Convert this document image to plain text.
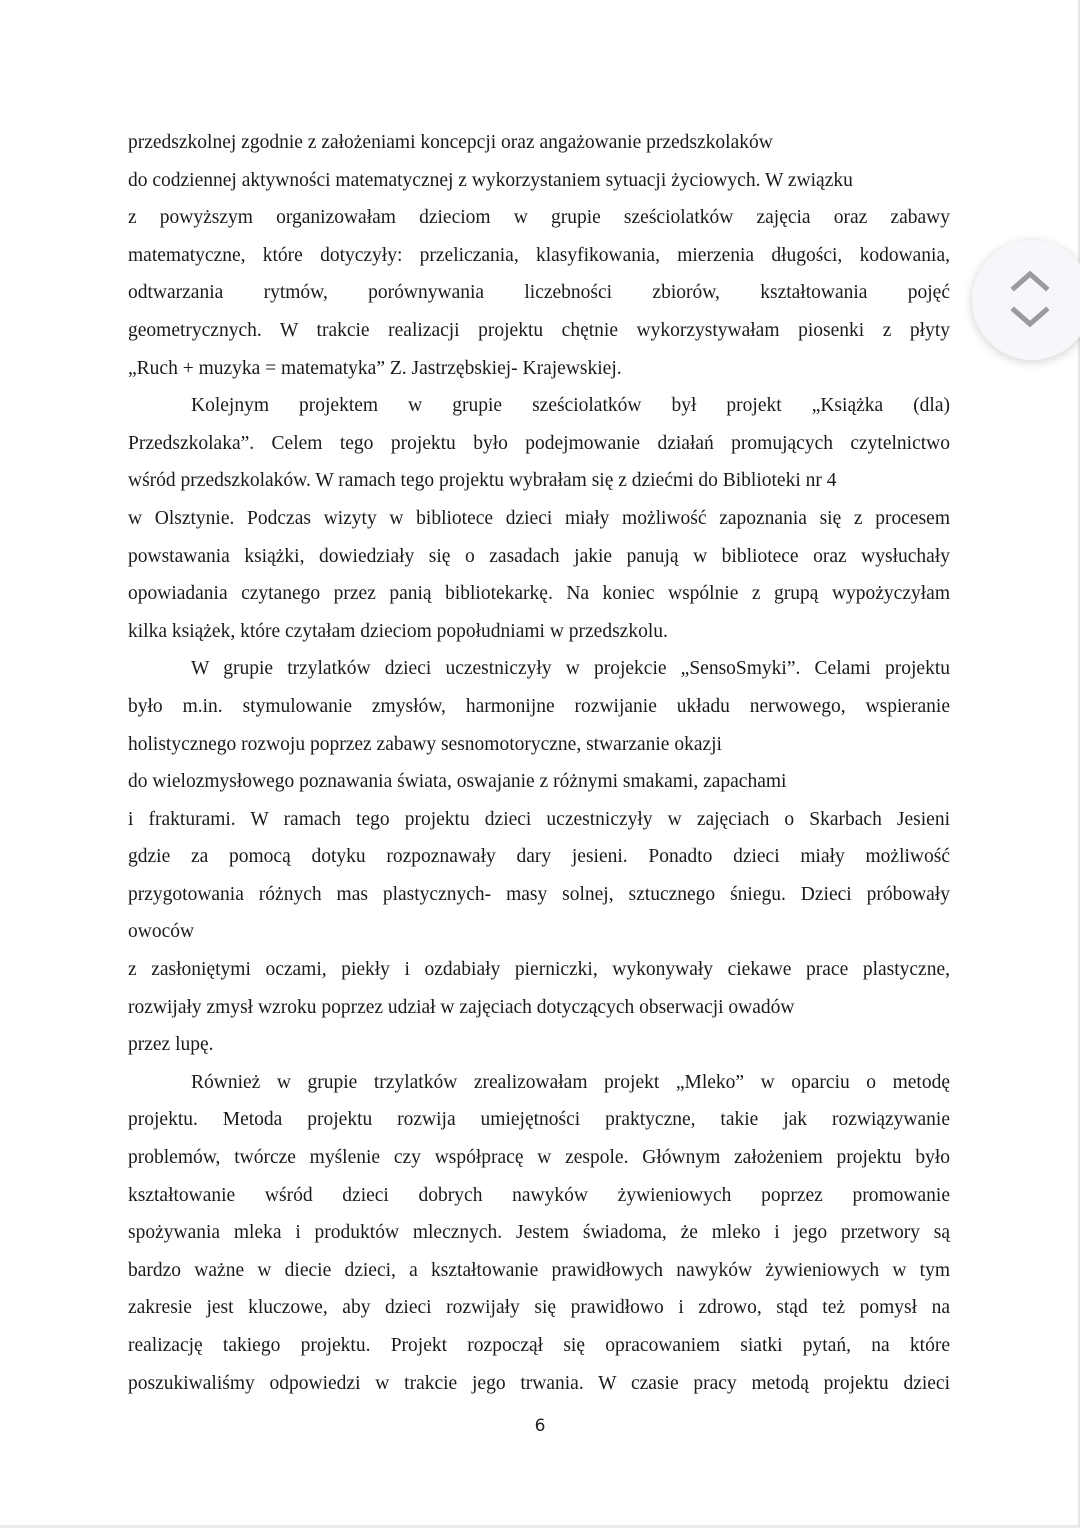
przedszkolnej zgodnie z założeniami koncepcji oraz angażowanie przedszkolaków
do codziennej aktywności matematycznej z wykorzystaniem sytuacji życiowych. W związku
z powyższym organizowałam dzieciom w grupie sześciolatków zajęcia oraz zabawy
matematyczne, które dotyczyły: przeliczania, klasyfikowania, mierzenia długości, kodowania,
odtwarzania rytmów, porównywania liczebności zbiorów, kształtowania pojęć
geometrycznych. W trakcie realizacji projektu chętnie wykorzystywałam piosenki z płyty
„Ruch + muzyka = matematyka” Z. Jastrzębskiej- Krajewskiej.
Kolejnym projektem w grupie sześciolatków był projekt „Książka (dla)
Przedszkolaka”. Celem tego projektu było podejmowanie działań promujących czytelnictwo
wśród przedszkolaków. W ramach tego projektu wybrałam się z dziećmi do Biblioteki nr 4
w Olsztynie. Podczas wizyty w bibliotece dzieci miały możliwość zapoznania się z procesem
powstawania książki, dowiedziały się o zasadach jakie panują w bibliotece oraz wysłuchały
opowiadania czytanego przez panią bibliotekarkę. Na koniec wspólnie z grupą wypożyczyłam
kilka książek, które czytałam dzieciom popołudniami w przedszkolu.
W grupie trzylatków dzieci uczestniczyły w projekcie „SensoSmyki”. Celami projektu
było m.in. stymulowanie zmysłów, harmonijne rozwijanie układu nerwowego, wspieranie
holistycznego rozwoju poprzez zabawy sesnomotoryczne, stwarzanie okazji
do wielozmysłowego poznawania świata, oswajanie z różnymi smakami, zapachami
i frakturami. W ramach tego projektu dzieci uczestniczyły w zajęciach o Skarbach Jesieni
gdzie za pomocą dotyku rozpoznawały dary jesieni. Ponadto dzieci miały możliwość
przygotowania różnych mas plastycznych- masy solnej, sztucznego śniegu. Dzieci próbowały
owoców
z zasłoniętymi oczami, piekły i ozdabiały pierniczki, wykonywały ciekawe prace plastyczne,
rozwijały zmysł wzroku poprzez udział w zajęciach dotyczących obserwacji owadów
przez lupę.
Również w grupie trzylatków zrealizowałam projekt „Mleko” w oparciu o metodę
projektu. Metoda projektu rozwija umiejętności praktyczne, takie jak rozwiązywanie
problemów, twórcze myślenie czy współpracę w zespole. Głównym założeniem projektu było
kształtowanie wśród dzieci dobrych nawyków żywieniowych poprzez promowanie
spożywania mleka i produktów mlecznych. Jestem świadoma, że mleko i jego przetwory są
bardzo ważne w diecie dzieci, a kształtowanie prawidłowych nawyków żywieniowych w tym
zakresie jest kluczowe, aby dzieci rozwijały się prawidłowo i zdrowo, stąd też pomysł na
realizację takiego projektu. Projekt rozpoczął się opracowaniem siatki pytań, na które
poszukiwaliśmy odpowiedzi w trakcie jego trwania. W czasie pracy metodą projektu dzieci
6
